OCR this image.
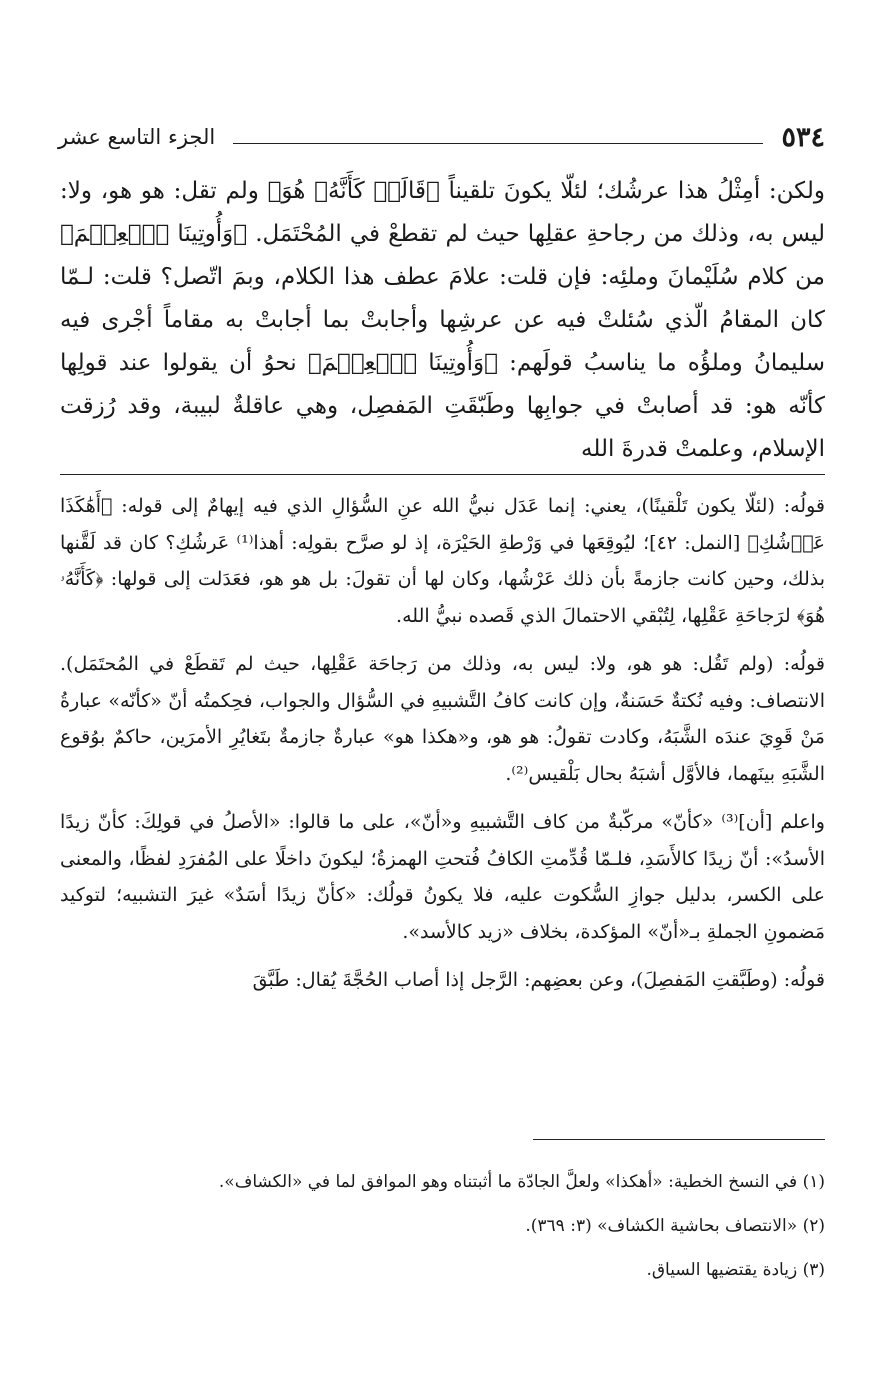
٥٣٤
الجزء التاسع عشر

ولكن: أمِثْلُ هذا عرشُك؛ لئلّا يكونَ تلقيناً ﴿قَالَتۡ كَأَنَّهُۥ هُوَ﴾ ولم تقل: هو هو، ولا: ليس به، وذلك من رجاحةِ عقلِها حيث لم تقطعْ في المُحْتَمَل. ﴿وَأُوتِينَا ٱلۡعِلۡمَ﴾ من كلام سُلَيْمانَ وملئِه: فإن قلت: علامَ عطف هذا الكلام، وبمَ اتّصل؟ قلت: لـمّا كان المقامُ الّذي سُئلتْ فيه عن عرشِها وأجابتْ بما أجابتْ به مقاماً أجْرى فيه سليمانُ وملؤُه ما يناسبُ قولَهم: ﴿وَأُوتِينَا ٱلۡعِلۡمَ﴾ نحوُ أن يقولوا عند قولِها كأنّه هو: قد أصابتْ في جوابِها وطَبّقَتِ المَفصِل، وهي عاقلةٌ لبيبة، وقد رُزقت الإسلام، وعلمتْ قدرةَ الله

قولُه: (لئلّا يكون تَلْقينًا)، يعني: إنما عَدَل نبيُّ الله عنِ السُّؤالِ الذي فيه إيهامٌ إلى قوله: ﴿أَهَٰكَذَا عَرۡشُكِ﴾ [النمل: ٤٢]؛ ليُوقِعَها في وَرْطةِ الحَيْرَة، إذ لو صرَّح بقولِه: أهذا⁽¹⁾ عَرشُكِ؟ كان قد لَقَّنها بذلك، وحين كانت جازمةً بأن ذلك عَرْشُها، وكان لها أن تقولَ: بل هو هو، فعَدَلت إلى قولها: ﴿كَأَنَّهُۥ هُوَ﴾ لرَجاحَةِ عَقْلِها، لِتُبْقي الاحتمالَ الذي قَصده نبيُّ الله.

قولُه: (ولم تَقُل: هو هو، ولا: ليس به، وذلك من رَجاحَة عَقْلِها، حيث لم تَقطَعْ في المُحتَمَل). الانتصاف: وفيه نُكتةٌ حَسَنةٌ، وإن كانت كافُ التَّشبيهِ في السُّؤال والجواب، فحِكمتُه أنّ «كأنّه» عبارةُ مَنْ قَوِيَ عندَه الشَّبَهُ، وكادت تقولُ: هو هو، و«هكذا هو» عبارةٌ جازمةٌ بتَغايُرِ الأمرَين، حاكمٌ بوُقوع الشَّبَهِ بينَهما، فالأوَّل أشبَهُ بحال بَلْقيس⁽²⁾.

واعلم [أن]⁽³⁾ «كأنّ» مركّبةٌ من كاف التَّشبيهِ و«أنّ»، على ما قالوا: «الأصلُ في قولِكَ: كأنّ زيدًا الأسدُ»: أنّ زيدًا كالأَسَدِ، فلـمّا قُدِّمتِ الكافُ فُتحتِ الهمزةُ؛ ليكونَ داخلًا على المُفرَدِ لفظًا، والمعنى على الكسر، بدليل جوازِ السُّكوت عليه، فلا يكونُ قولُك: «كأنّ زيدًا أسَدٌ» غيرَ التشبيه؛ لتوكيد مَضمونِ الجملةِ بـ«أنّ» المؤكدة، بخلاف «زيد كالأسد».

قولُه: (وطَبَّقتِ المَفصِلَ)، وعن بعضِهم: الرَّجل إذا أصاب الحُجَّةَ يُقال: طَبَّقَ

(١) في النسخ الخطية: «أهكذا» ولعلَّ الجادّة ما أثبتناه وهو الموافق لما في «الكشاف».
(٢) «الانتصاف بحاشية الكشاف» (٣: ٣٦٩).
(٣) زيادة يقتضيها السياق.
